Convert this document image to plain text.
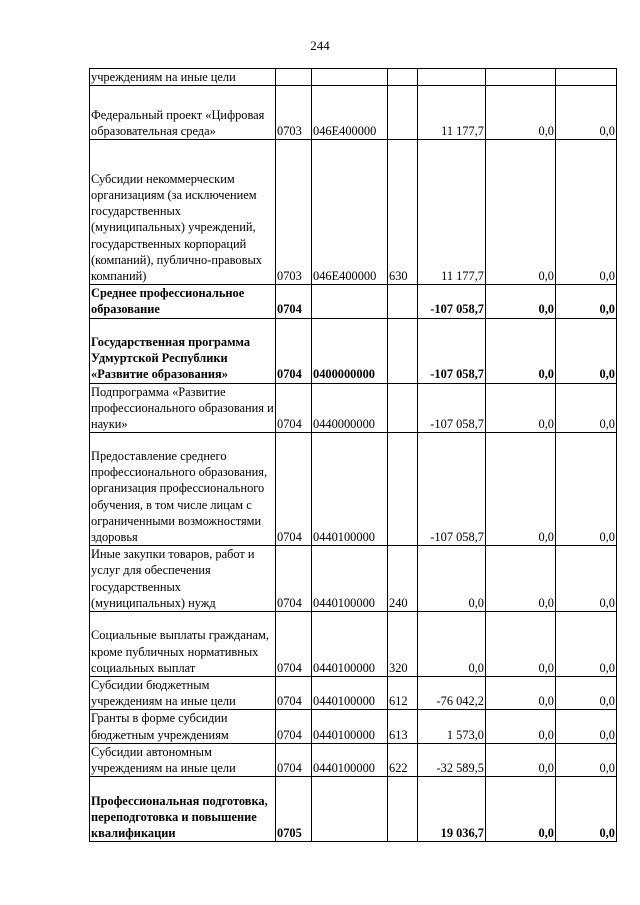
244
учреждениям на иные цели						
Федеральный проект «Цифровая образовательная среда»	0703	046E400000		11 177,7	0,0	0,0
Субсидии некоммерческим организациям (за исключением государственных (муниципальных) учреждений, государственных корпораций (компаний), публично-правовых компаний)	0703	046E400000	630	11 177,7	0,0	0,0
Среднее профессиональное образование	0704			-107 058,7	0,0	0,0
Государственная программа Удмуртской Республики «Развитие образования»	0704	0400000000		-107 058,7	0,0	0,0
Подпрограмма «Развитие профессионального образования и науки»	0704	0440000000		-107 058,7	0,0	0,0
Предоставление среднего профессионального образования, организация профессионального обучения, в том числе лицам с ограниченными возможностями здоровья	0704	0440100000		-107 058,7	0,0	0,0
Иные закупки товаров, работ и услуг для обеспечения государственных (муниципальных) нужд	0704	0440100000	240	0,0	0,0	0,0
Социальные выплаты гражданам, кроме публичных нормативных социальных выплат	0704	0440100000	320	0,0	0,0	0,0
Субсидии бюджетным учреждениям на иные цели	0704	0440100000	612	-76 042,2	0,0	0,0
Гранты в форме субсидии бюджетным учреждениям	0704	0440100000	613	1 573,0	0,0	0,0
Субсидии автономным учреждениям на иные цели	0704	0440100000	622	-32 589,5	0,0	0,0
Профессиональная подготовка, переподготовка и повышение квалификации	0705			19 036,7	0,0	0,0
